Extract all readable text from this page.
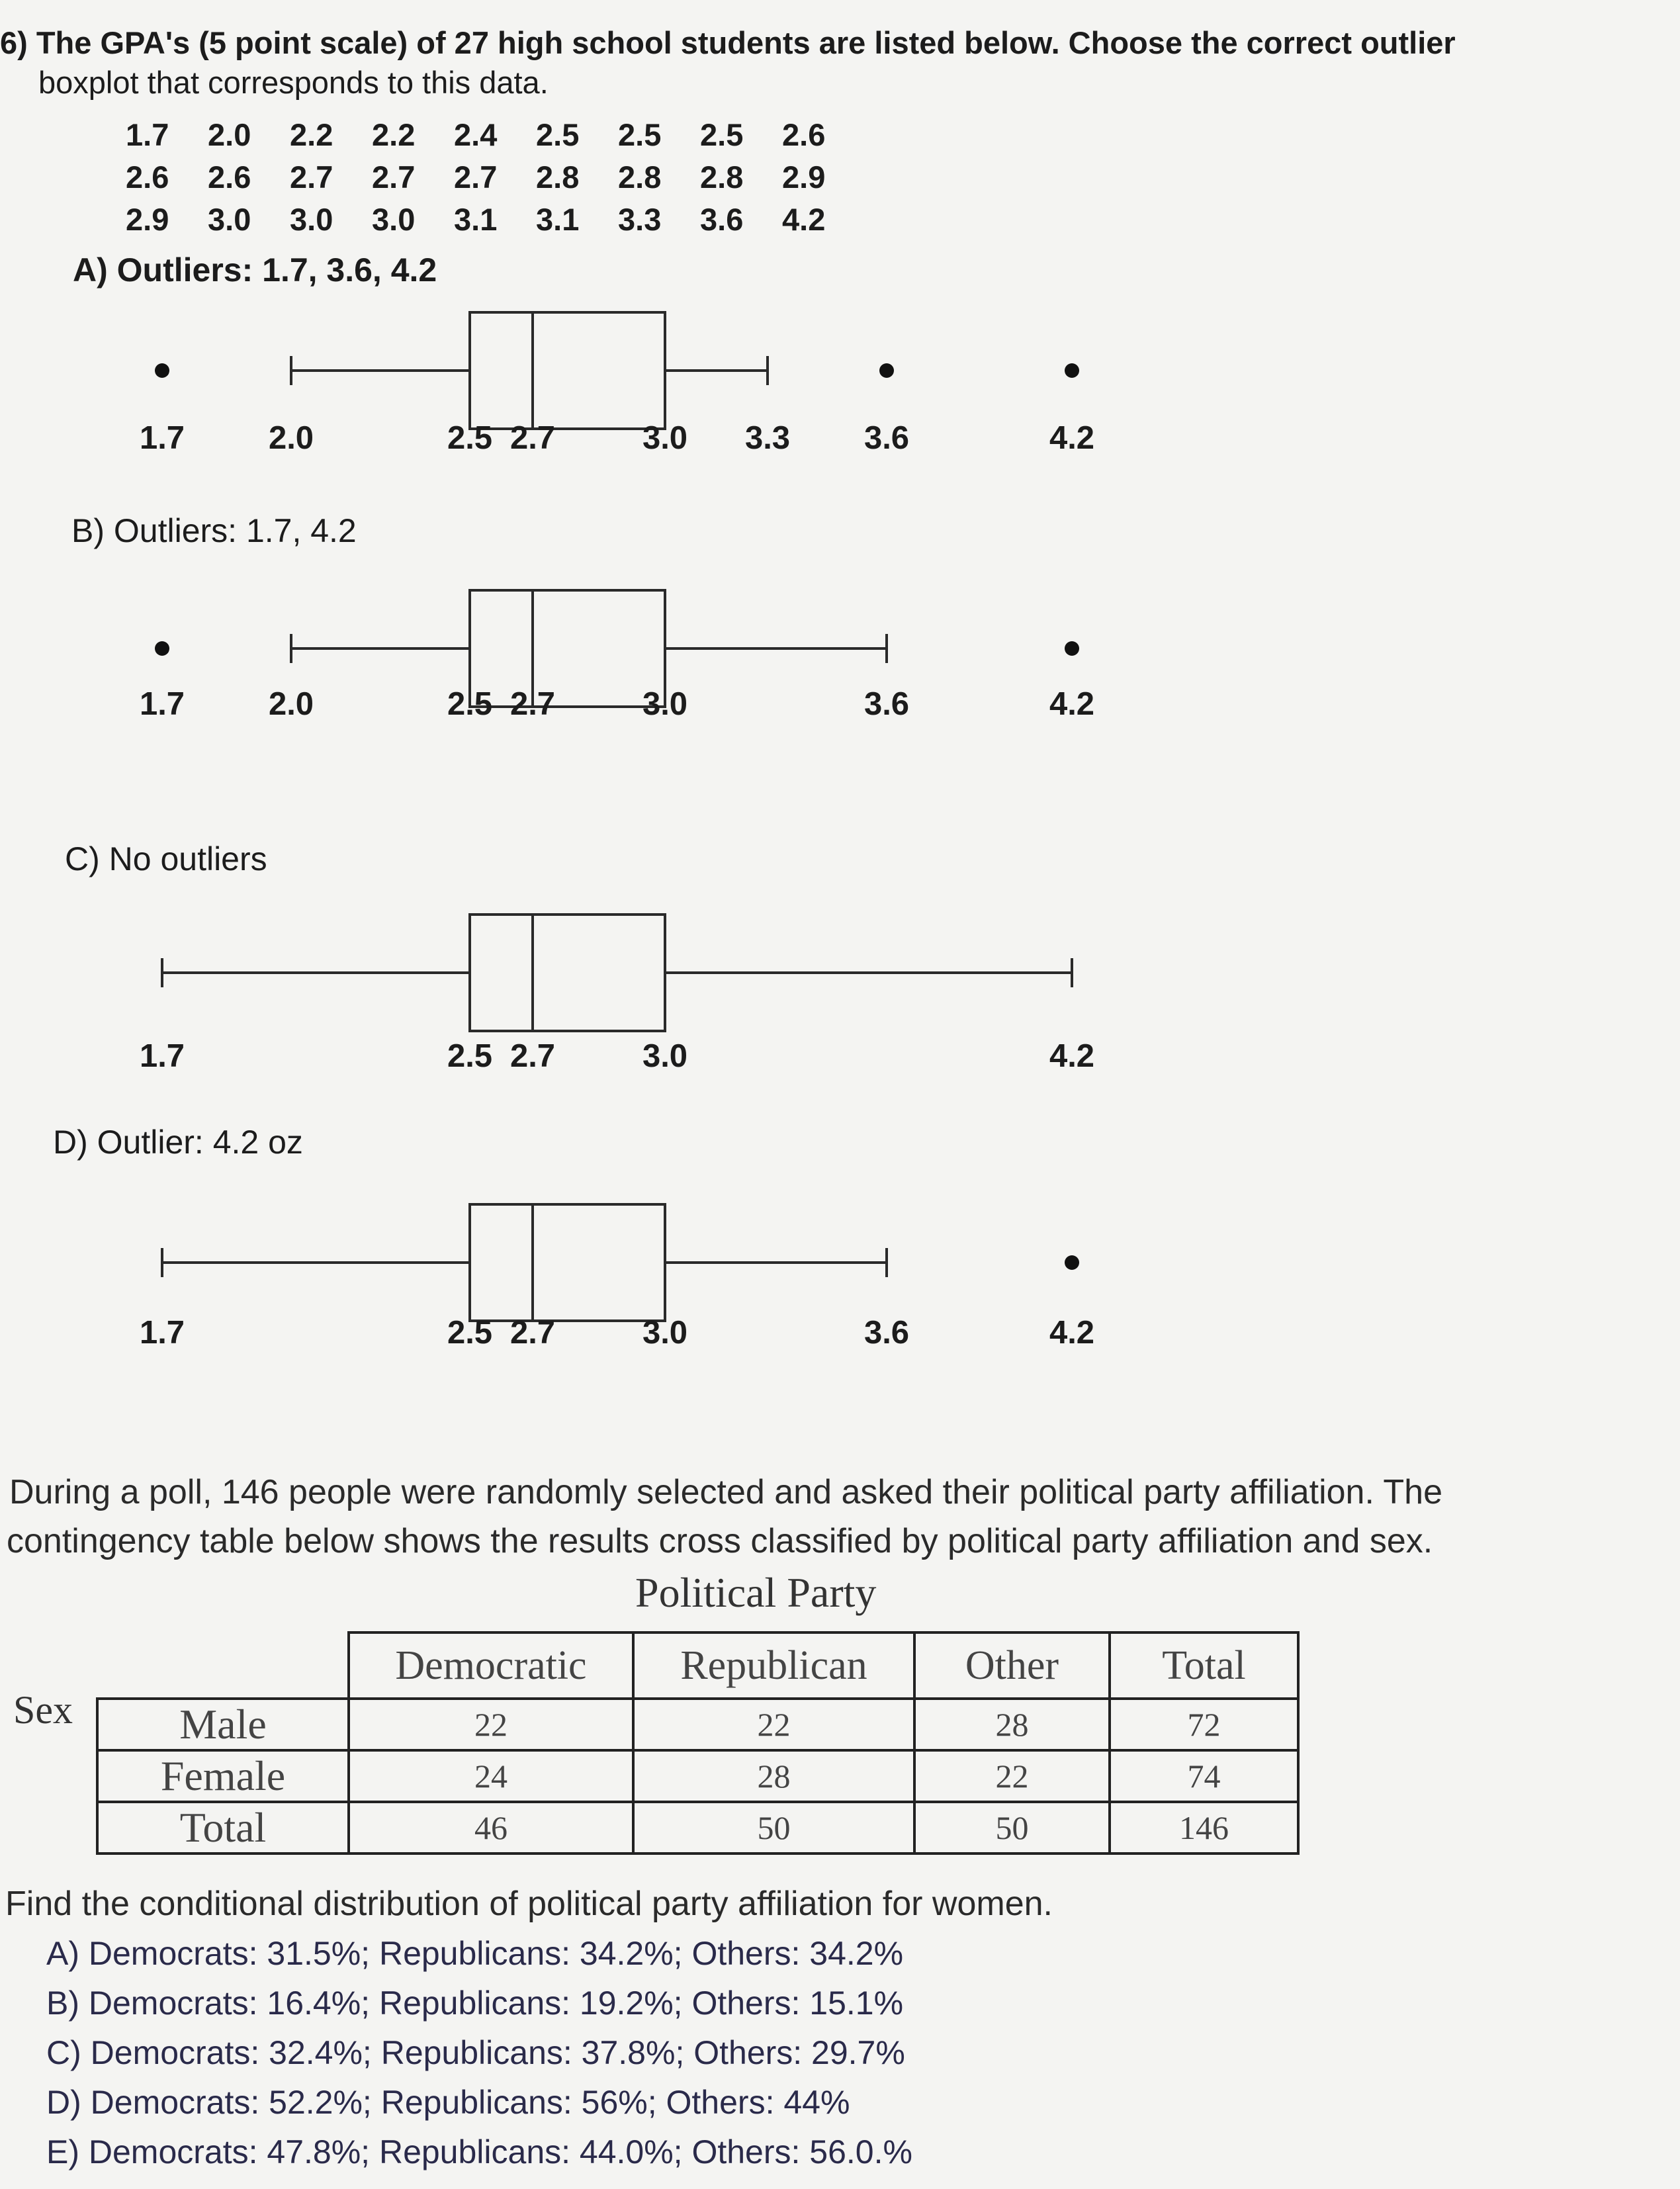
6) The GPA's (5 point scale) of 27 high school students are listed below. Choose the correct outlier
boxplot that corresponds to this data.
1.7 2.0 2.2 2.2 2.4 2.5 2.5 2.5 2.6
2.6 2.6 2.7 2.7 2.7 2.8 2.8 2.8 2.9
2.9 3.0 3.0 3.0 3.1 3.1 3.3 3.6 4.2
A) Outliers: 1.7, 3.6, 4.2
B) Outliers: 1.7, 4.2
C) No outliers
D) Outlier: 4.2 oz
1.7	2.0	2.5 2.7	3.0 3.3 3.6	4.2
1.7	2.0	2.5 2.7	3.0	3.6	4.2
1.7	2.5 2.7	3.0	4.2
1.7	2.5 2.7	3.0	3.6	4.2
During a poll, 146 people were randomly selected and asked their political party affiliation. The
contingency table below shows the results cross classified by political party affiliation and sex.
Political Party
Sex
	Democratic	Republican	Other	Total
Male	22	22	28	72
Female	24	28	22	74
Total	46	50	50	146
Find the conditional distribution of political party affiliation for women.
A) Democrats: 31.5%; Republicans: 34.2%; Others: 34.2%
B) Democrats: 16.4%; Republicans: 19.2%; Others: 15.1%
C) Democrats: 32.4%; Republicans: 37.8%; Others: 29.7%
D) Democrats: 52.2%; Republicans: 56%; Others: 44%
E) Democrats: 47.8%; Republicans: 44.0%; Others: 56.0.%
